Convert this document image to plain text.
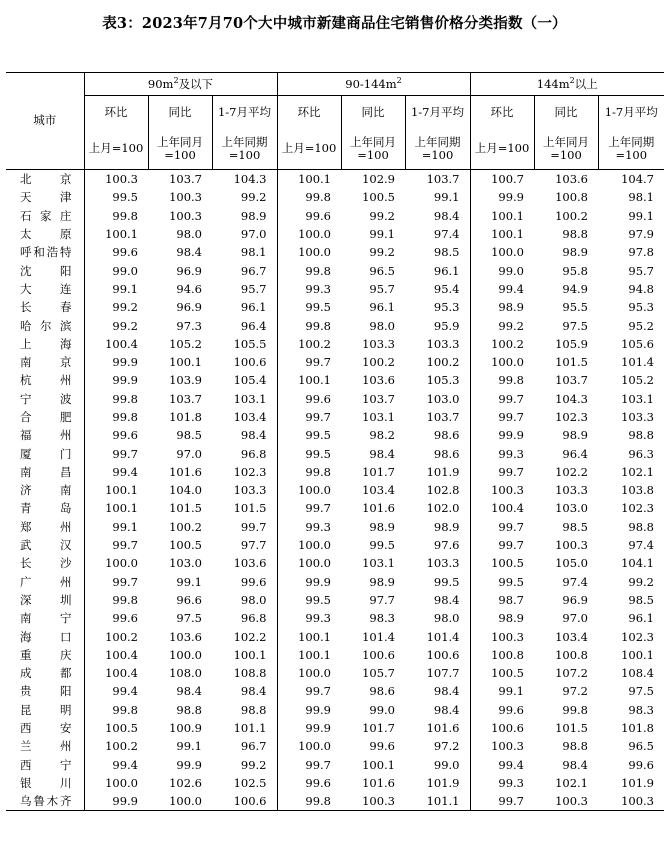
表3：2023年7月70个大中城市新建商品住宅销售价格分类指数（一）
城市	$90m^2$及以下			$90-144m^2$			$144m^2$以上		
	环比	同比	1-7月平均	环比	同比	1-7月平均	环比	同比	1-7月平均
	上月=100	上年同月=100	上年同期=100	上月=100	上年同月=100	上年同期=100	上月=100	上年同月=100	上年同期=100
北京	100.3	103.7	104.3	100.1	102.9	103.7	100.7	103.6	104.7
天津	99.5	100.3	99.2	99.8	100.5	99.1	99.9	100.8	98.1
石家庄	99.8	100.3	98.9	99.6	99.2	98.4	100.1	100.2	99.1
太原	100.1	98.0	97.0	100.0	99.1	97.4	100.1	98.8	97.9
呼和浩特	99.6	98.4	98.1	100.0	99.2	98.5	100.0	98.9	97.8
沈阳	99.0	96.9	96.7	99.8	96.5	96.1	99.0	95.8	95.7
大连	99.1	94.6	95.7	99.3	95.7	95.4	99.4	94.9	94.8
长春	99.2	96.9	96.1	99.5	96.1	95.3	98.9	95.5	95.3
哈尔滨	99.2	97.3	96.4	99.8	98.0	95.9	99.2	97.5	95.2
上海	100.4	105.2	105.5	100.2	103.3	103.3	100.2	105.9	105.6
南京	99.9	100.1	100.6	99.7	100.2	100.2	100.0	101.5	101.4
杭州	99.9	103.9	105.4	100.1	103.6	105.3	99.8	103.7	105.2
宁波	99.8	103.7	103.1	99.6	103.7	103.0	99.7	104.3	103.1
合肥	99.8	101.8	103.4	99.7	103.1	103.7	99.7	102.3	103.3
福州	99.6	98.5	98.4	99.5	98.2	98.6	99.9	98.9	98.8
厦门	99.7	97.0	96.8	99.5	98.4	98.6	99.3	96.4	96.3
南昌	99.4	101.6	102.3	99.8	101.7	101.9	99.7	102.2	102.1
济南	100.1	104.0	103.3	100.0	103.4	102.8	100.3	103.3	103.8
青岛	100.1	101.5	101.5	99.7	101.6	102.0	100.4	103.0	102.3
郑州	99.1	100.2	99.7	99.3	98.9	98.9	99.7	98.5	98.8
武汉	99.7	100.5	97.7	100.0	99.5	97.6	99.7	100.3	97.4
长沙	100.0	103.0	103.6	100.0	103.1	103.3	100.5	105.0	104.1
广州	99.7	99.1	99.6	99.9	98.9	99.5	99.5	97.4	99.2
深圳	99.8	96.6	98.0	99.5	97.7	98.4	98.7	96.9	98.5
南宁	99.6	97.5	96.8	99.3	98.3	98.0	98.9	97.0	96.1
海口	100.2	103.6	102.2	100.1	101.4	101.4	100.3	103.4	102.3
重庆	100.4	100.0	100.1	100.1	100.6	100.6	100.8	100.8	100.1
成都	100.4	108.0	108.8	100.0	105.7	107.7	100.5	107.2	108.4
贵阳	99.4	98.4	98.4	99.7	98.6	98.4	99.1	97.2	97.5
昆明	99.8	98.8	98.8	99.9	99.0	98.4	99.6	99.8	98.3
西安	100.5	100.9	101.1	99.9	101.7	101.6	100.6	101.5	101.8
兰州	100.2	99.1	96.7	100.0	99.6	97.2	100.3	98.8	96.5
西宁	99.4	99.9	99.2	99.7	100.1	99.0	99.4	98.4	99.6
银川	100.0	102.6	102.5	99.6	101.6	101.9	99.3	102.1	101.9
乌鲁木齐	99.9	100.0	100.6	99.8	100.3	101.1	99.7	100.3	100.3
